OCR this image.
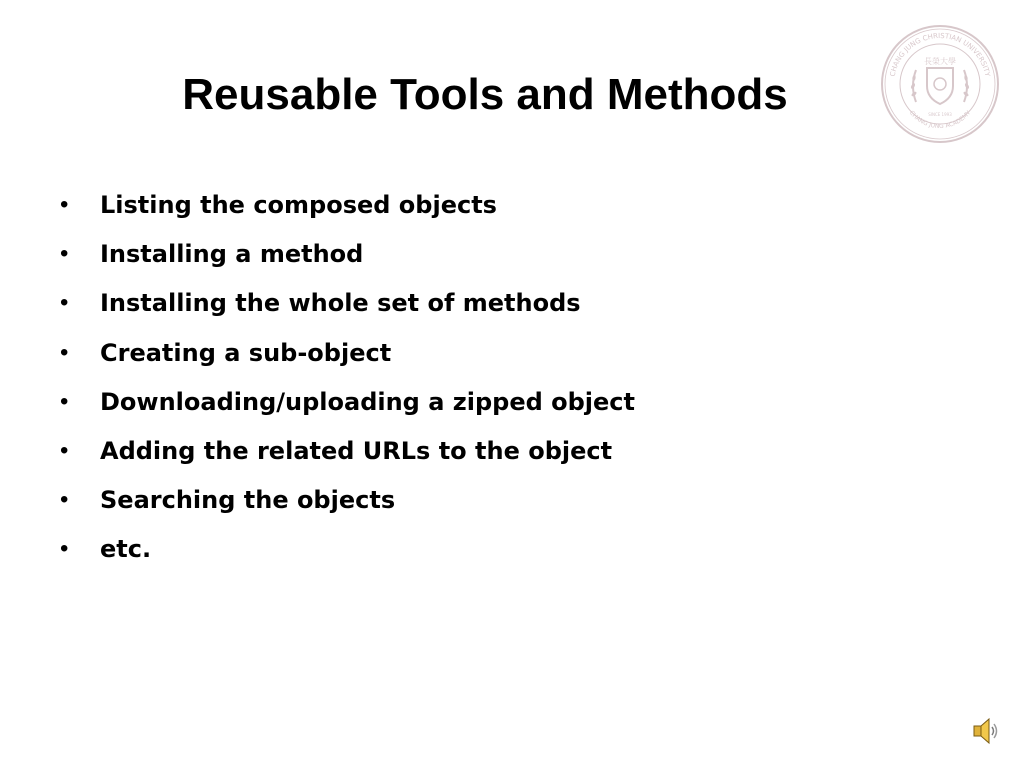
Reusable Tools and Methods
•	Listing the composed objects
•	Installing a method
•	Installing the whole set of methods
•	Creating a sub-object
•	Downloading/uploading a zipped object
•	Adding the related URLs to the object
•	Searching the objects
•	etc.
CHANG JUNG CHRISTIAN UNIVERSITY
CHANG JUNG ACADEMY
長榮大學
SINCE 1993
